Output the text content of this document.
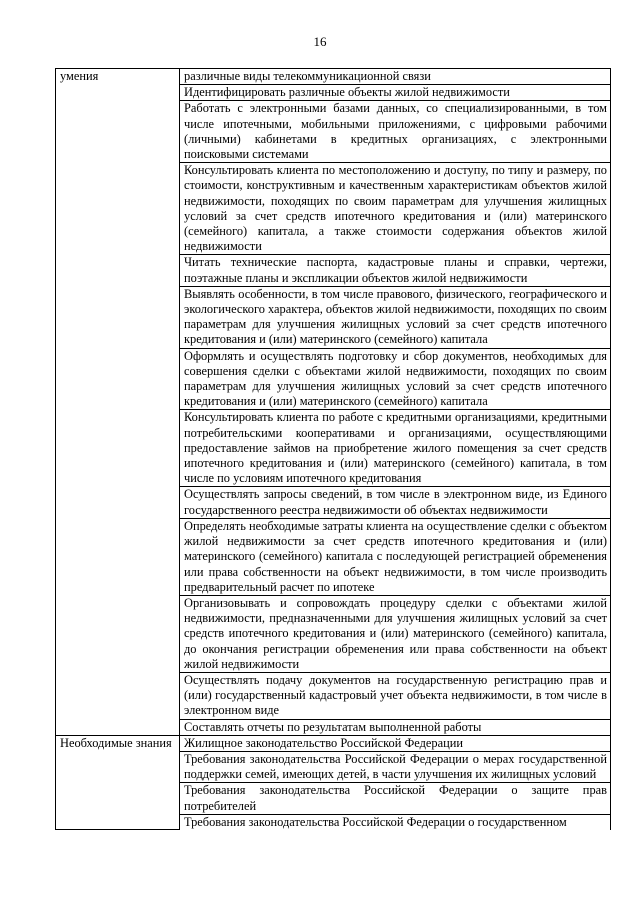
16
умения	различные виды телекоммуникационной связи
	Идентифицировать различные объекты жилой недвижимости
	Работать с электронными базами данных, со специализированными, в том числе ипотечными, мобильными приложениями, с цифровыми рабочими (личными) кабинетами в кредитных организациях, с электронными поисковыми системами
	Консультировать клиента по местоположению и доступу, по типу и размеру, по стоимости, конструктивным и качественным характеристикам объектов жилой недвижимости, походящих по своим параметрам для улучшения жилищных условий за счет средств ипотечного кредитования и (или) материнского (семейного) капитала, а также стоимости содержания объектов жилой недвижимости
	Читать технические паспорта, кадастровые планы и справки, чертежи, поэтажные планы и экспликации объектов жилой недвижимости
	Выявлять особенности, в том числе правового, физического, географического и экологического характера, объектов жилой недвижимости, походящих по своим параметрам для улучшения жилищных условий за счет средств ипотечного кредитования и (или) материнского (семейного) капитала
	Оформлять и осуществлять подготовку и сбор документов, необходимых для совершения сделки с объектами жилой недвижимости, походящих по своим параметрам для улучшения жилищных условий за счет средств ипотечного кредитования и (или) материнского (семейного) капитала
	Консультировать клиента по работе с кредитными организациями, кредитными потребительскими кооперативами и организациями, осуществляющими предоставление займов на приобретение жилого помещения за счет средств ипотечного кредитования и (или) материнского (семейного) капитала, в том числе по условиям ипотечного кредитования
	Осуществлять запросы сведений, в том числе в электронном виде, из Единого государственного реестра недвижимости об объектах недвижимости
	Определять необходимые затраты клиента на осуществление сделки с объектом жилой недвижимости за счет средств ипотечного кредитования и (или) материнского (семейного) капитала с последующей регистрацией обременения или права собственности на объект недвижимости, в том числе производить предварительный расчет по ипотеке
	Организовывать и сопровождать процедуру сделки с объектами жилой недвижимости, предназначенными для улучшения жилищных условий за счет средств ипотечного кредитования и (или) материнского (семейного) капитала, до окончания регистрации обременения или права собственности на объект жилой недвижимости
	Осуществлять подачу документов на государственную регистрацию прав и (или) государственный кадастровый учет объекта недвижимости, в том числе в электронном виде
	Составлять отчеты по результатам выполненной работы

Необходимые знания	Жилищное законодательство Российской Федерации
	Требования законодательства Российской Федерации о мерах государственной поддержки семей, имеющих детей, в части улучшения их жилищных условий
	Требования законодательства Российской Федерации о защите прав потребителей
	Требования законодательства Российской Федерации о государственном
